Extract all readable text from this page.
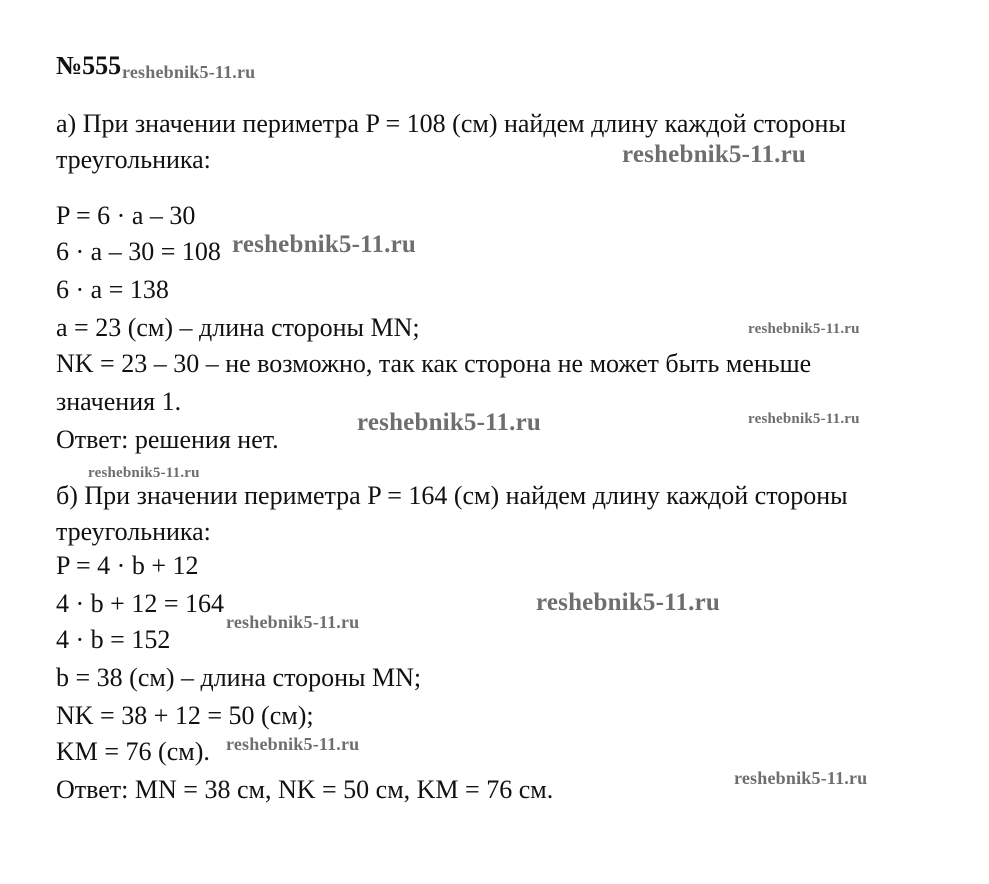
№555 reshebnik5-11.ru
а) При значении периметра P = 108 (см) найдем длину каждой стороны
треугольника:
P = 6 · a – 30
6 · a – 30 = 108
6 · a = 138
a = 23 (см) – длина стороны MN;
NK = 23 – 30 – не возможно, так как сторона не может быть меньше
значения 1.
Ответ: решения нет.
б) При значении периметра P = 164 (см) найдем длину каждой стороны
треугольника:
P = 4 · b + 12
4 · b + 12 = 164
4 · b = 152
b = 38 (см) – длина стороны MN;
NK = 38 + 12 = 50 (см);
KM = 76 (см).
Ответ: MN = 38 см, NK = 50 см, KM = 76 см.
reshebnik5-11.ru
reshebnik5-11.ru
reshebnik5-11.ru
reshebnik5-11.ru
reshebnik5-11.ru
reshebnik5-11.ru
reshebnik5-11.ru
reshebnik5-11.ru
reshebnik5-11.ru
reshebnik5-11.ru
